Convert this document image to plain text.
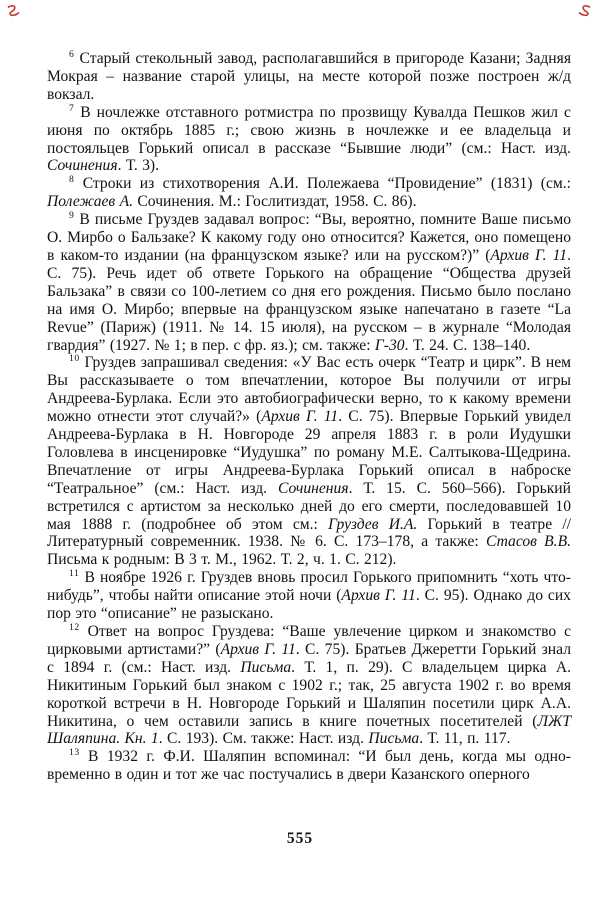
$^6$ Старый стекольный завод, располагавшийся в пригороде Казани; Задняя Мокрая – название старой улицы, на месте которой позже построен ж/д вокзал.

$^7$ В ночлежке отставного ротмистра по прозвищу Кувалда Пешков жил с июня по октябрь 1885 г.; свою жизнь в ночлежке и ее владельца и постояльцев Горький описал в рассказе “Бывшие люди” (см.: Наст. изд. Сочинения. Т. 3).

$^8$ Строки из стихотворения А.И. Полежаева “Провидение” (1831) (см.: Полежаев А. Сочинения. М.: Гослитиздат, 1958. С. 86).

$^9$ В письме Груздев задавал вопрос: “Вы, вероятно, помните Ваше письмо О. Мирбо о Бальзаке? К какому году оно относится? Кажется, оно помещено в каком-то издании (на французском языке? или на русском?)” (Архив Г. 11. С. 75). Речь идет об ответе Горького на обращение “Общества друзей Бальзака” в связи со 100-летием со дня его рождения. Письмо было послано на имя О. Мирбо; впервые на французском языке напечатано в газете “La Revue” (Париж) (1911. № 14. 15 июля), на русском – в журнале “Молодая гвардия” (1927. № 1; в пер. с фр. яз.); см. также: Г-30. Т. 24. С. 138–140.

$^{10}$ Груздев запрашивал сведения: «У Вас есть очерк “Театр и цирк”. В нем Вы рассказываете о том впечатлении, которое Вы получили от игры Андреева-Бурлака. Если это автобиографически верно, то к какому времени можно отнести этот случай?» (Архив Г. 11. С. 75). Впервые Горький увидел Андреева-Бурлака в Н. Новгороде 29 апреля 1883 г. в роли Иудушки Головлева в инсценировке “Иудушка” по роману М.Е. Салтыкова-Щедрина. Впечатление от игры Андреева-Бурлака Горький описал в наброске “Театральное” (см.: Наст. изд. Сочинения. Т. 15. С. 560–566). Горький встретился с артистом за несколько дней до его смерти, последовавшей 10 мая 1888 г. (подробнее об этом см.: Груздев И.А. Горький в театре // Литературный современник. 1938. № 6. С. 173–178, а также: Стасов В.В. Письма к родным: В 3 т. М., 1962. Т. 2, ч. 1. С. 212).

$^{11}$ В ноябре 1926 г. Груздев вновь просил Горького припомнить “хоть что-нибудь”, чтобы найти описание этой ночи (Архив Г. 11. С. 95). Однако до сих пор это “описание” не разыскано.

$^{12}$ Ответ на вопрос Груздева: “Ваше увлечение цирком и знакомство с цирковыми артистами?” (Архив Г. 11. С. 75). Братьев Джеретти Горький знал с 1894 г. (см.: Наст. изд. Письма. Т. 1, п. 29). С владельцем цирка А. Никитиным Горький был знаком с 1902 г.; так, 25 августа 1902 г. во время короткой встречи в Н. Новгороде Горький и Шаляпин посетили цирк А.А. Никитина, о чем оставили запись в книге почетных посетителей (ЛЖТ Шаляпина. Кн. 1. С. 193). См. также: Наст. изд. Письма. Т. 11, п. 117.

$^{13}$ В 1932 г. Ф.И. Шаляпин вспоминал: “И был день, когда мы одновременно в один и тот же час постучались в двери Казанского оперного

555
